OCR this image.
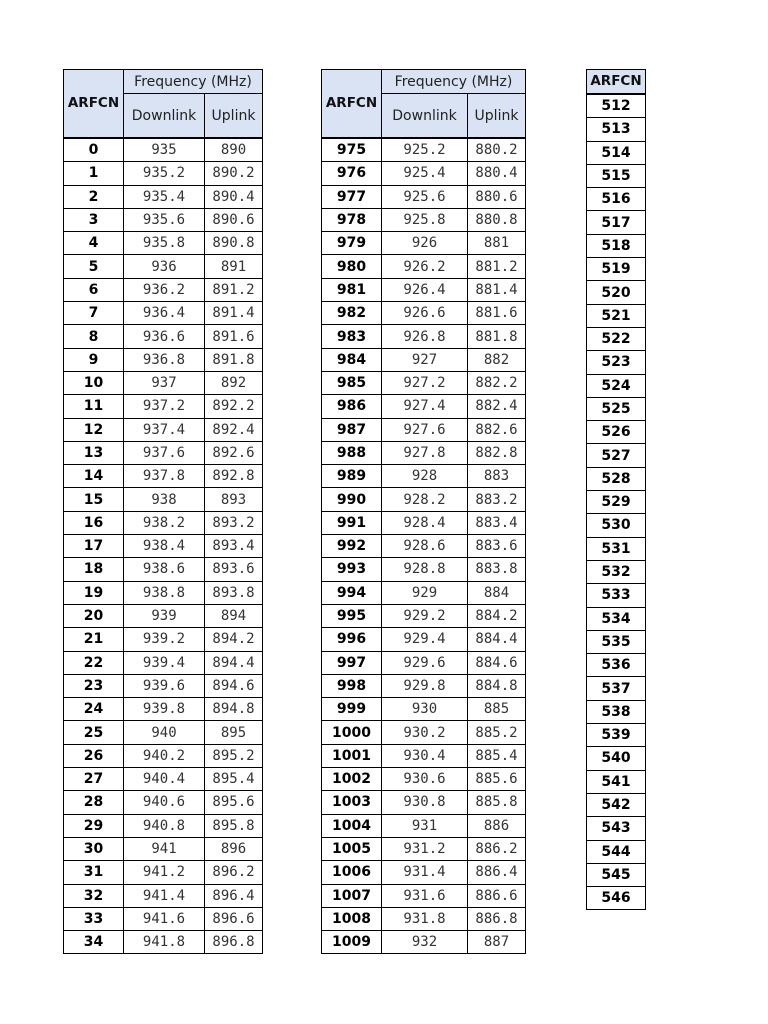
ARFCN	Frequency (MHz)	
	Downlink	Uplink
0	935	890
1	935.2	890.2
2	935.4	890.4
3	935.6	890.6
4	935.8	890.8
5	936	891
6	936.2	891.2
7	936.4	891.4
8	936.6	891.6
9	936.8	891.8
10	937	892
11	937.2	892.2
12	937.4	892.4
13	937.6	892.6
14	937.8	892.8
15	938	893
16	938.2	893.2
17	938.4	893.4
18	938.6	893.6
19	938.8	893.8
20	939	894
21	939.2	894.2
22	939.4	894.4
23	939.6	894.6
24	939.8	894.8
25	940	895
26	940.2	895.2
27	940.4	895.4
28	940.6	895.6
29	940.8	895.8
30	941	896
31	941.2	896.2
32	941.4	896.4
33	941.6	896.6
34	941.8	896.8
ARFCN	Frequency (MHz)	
	Downlink	Uplink
975	925.2	880.2
976	925.4	880.4
977	925.6	880.6
978	925.8	880.8
979	926	881
980	926.2	881.2
981	926.4	881.4
982	926.6	881.6
983	926.8	881.8
984	927	882
985	927.2	882.2
986	927.4	882.4
987	927.6	882.6
988	927.8	882.8
989	928	883
990	928.2	883.2
991	928.4	883.4
992	928.6	883.6
993	928.8	883.8
994	929	884
995	929.2	884.2
996	929.4	884.4
997	929.6	884.6
998	929.8	884.8
999	930	885
1000	930.2	885.2
1001	930.4	885.4
1002	930.6	885.6
1003	930.8	885.8
1004	931	886
1005	931.2	886.2
1006	931.4	886.4
1007	931.6	886.6
1008	931.8	886.8
1009	932	887
ARFCN

512
513
514
515
516
517
518
519
520
521
522
523
524
525
526
527
528
529
530
531
532
533
534
535
536
537
538
539
540
541
542
543
544
545
546
